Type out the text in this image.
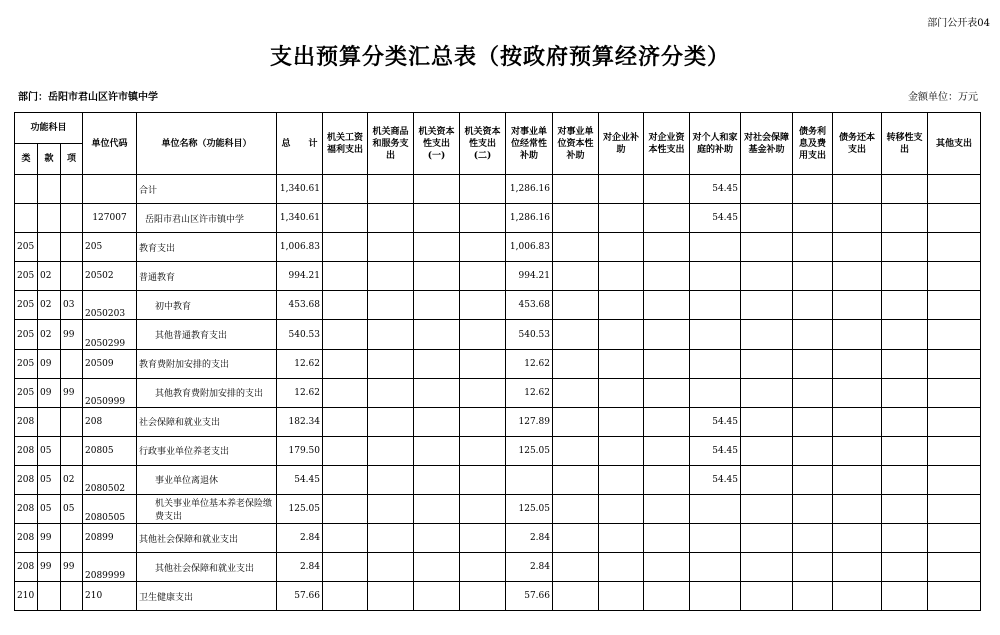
部门公开表04
支出预算分类汇总表（按政府预算经济分类）
部门：岳阳市君山区许市镇中学	金额单位：万元
功能科目			单位代码	单位名称（功能科目）	总　　计	机关工资福利支出	机关商品和服务支出	机关资本性支出(一)	机关资本性支出(二)	对事业单位经常性补助	对事业单位资本性补助	对企业补助	对企业资本性支出	对个人和家庭的补助	对社会保障基金补助	债务利息及费用支出	债务还本支出	转移性支出	其他支出
类	款	项																	
				合计	1,340.61					1,286.16				54.45					
			127007	岳阳市君山区许市镇中学	1,340.61					1,286.16				54.45					
205			205	教育支出	1,006.83					1,006.83									
205	02		20502	普通教育	994.21					994.21									
205	02	03	2050203	初中教育	453.68					453.68									
205	02	99	2050299	其他普通教育支出	540.53					540.53									
205	09		20509	教育费附加安排的支出	12.62					12.62									
205	09	99	2050999	其他教育费附加安排的支出	12.62					12.62									
208			208	社会保障和就业支出	182.34					127.89				54.45					
208	05		20805	行政事业单位养老支出	179.50					125.05				54.45					
208	05	02	2080502	事业单位离退休	54.45									54.45					
208	05	05	2080505	机关事业单位基本养老保险缴费支出	125.05					125.05									
208	99		20899	其他社会保障和就业支出	2.84					2.84									
208	99	99	2089999	其他社会保障和就业支出	2.84					2.84									
210			210	卫生健康支出	57.66					57.66									
